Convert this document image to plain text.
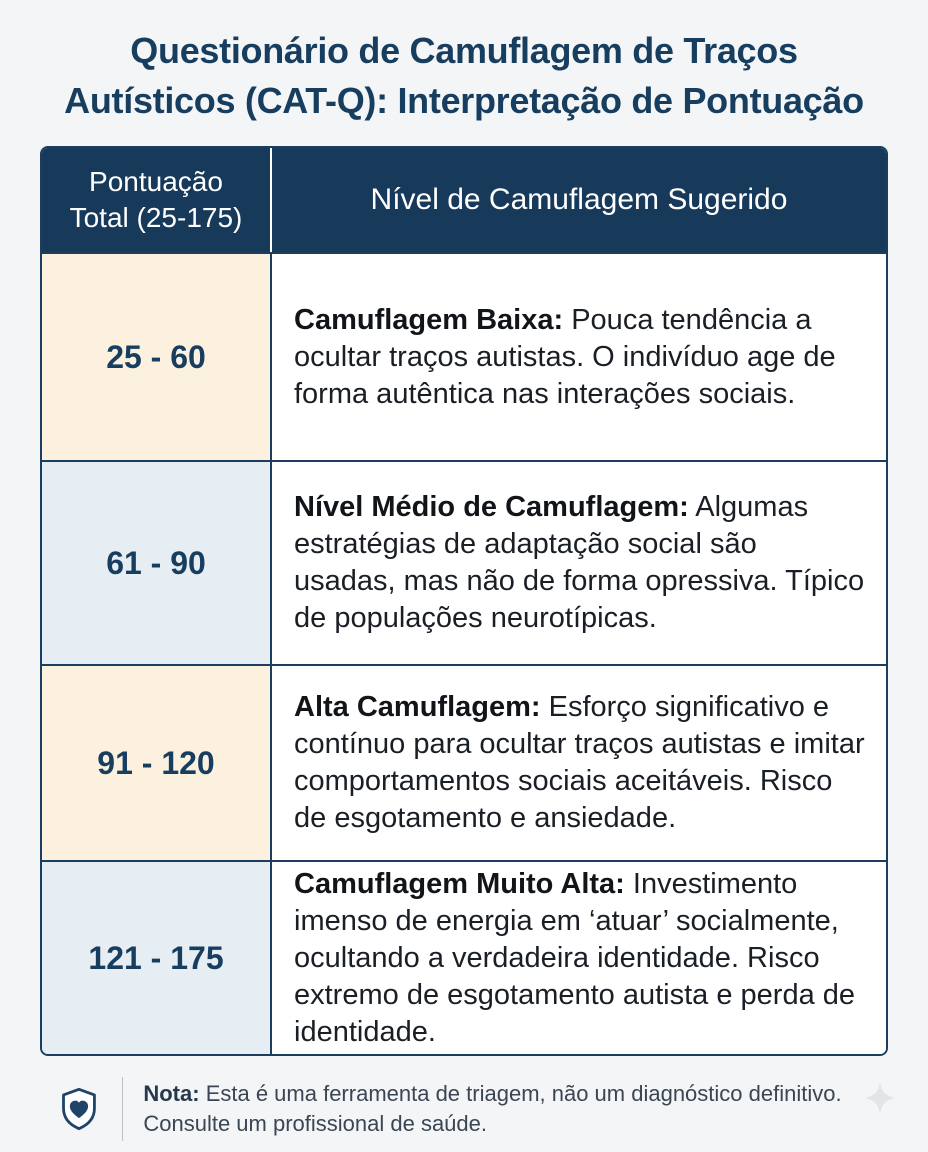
Questionário de Camuflagem de Traços
Autísticos (CAT-Q): Interpretação de Pontuação
Pontuação
Total (25-175)
Nível de Camuflagem Sugerido
25 - 60
Camuflagem Baixa: Pouca tendência a ocultar traços autistas. O indivíduo age de forma autêntica nas interações sociais.
61 - 90
Nível Médio de Camuflagem: Algumas estratégias de adaptação social são usadas, mas não de forma opressiva. Típico de populações neurotípicas.
91 - 120
Alta Camuflagem: Esforço significativo e contínuo para ocultar traços autistas e imitar comportamentos sociais aceitáveis. Risco de esgotamento e ansiedade.
121 - 175
Camuflagem Muito Alta: Investimento imenso de energia em ‘atuar’ socialmente, ocultando a verdadeira identidade. Risco extremo de esgotamento autista e perda de identidade.
Nota: Esta é uma ferramenta de triagem, não um diagnóstico definitivo. Consulte um profissional de saúde.
